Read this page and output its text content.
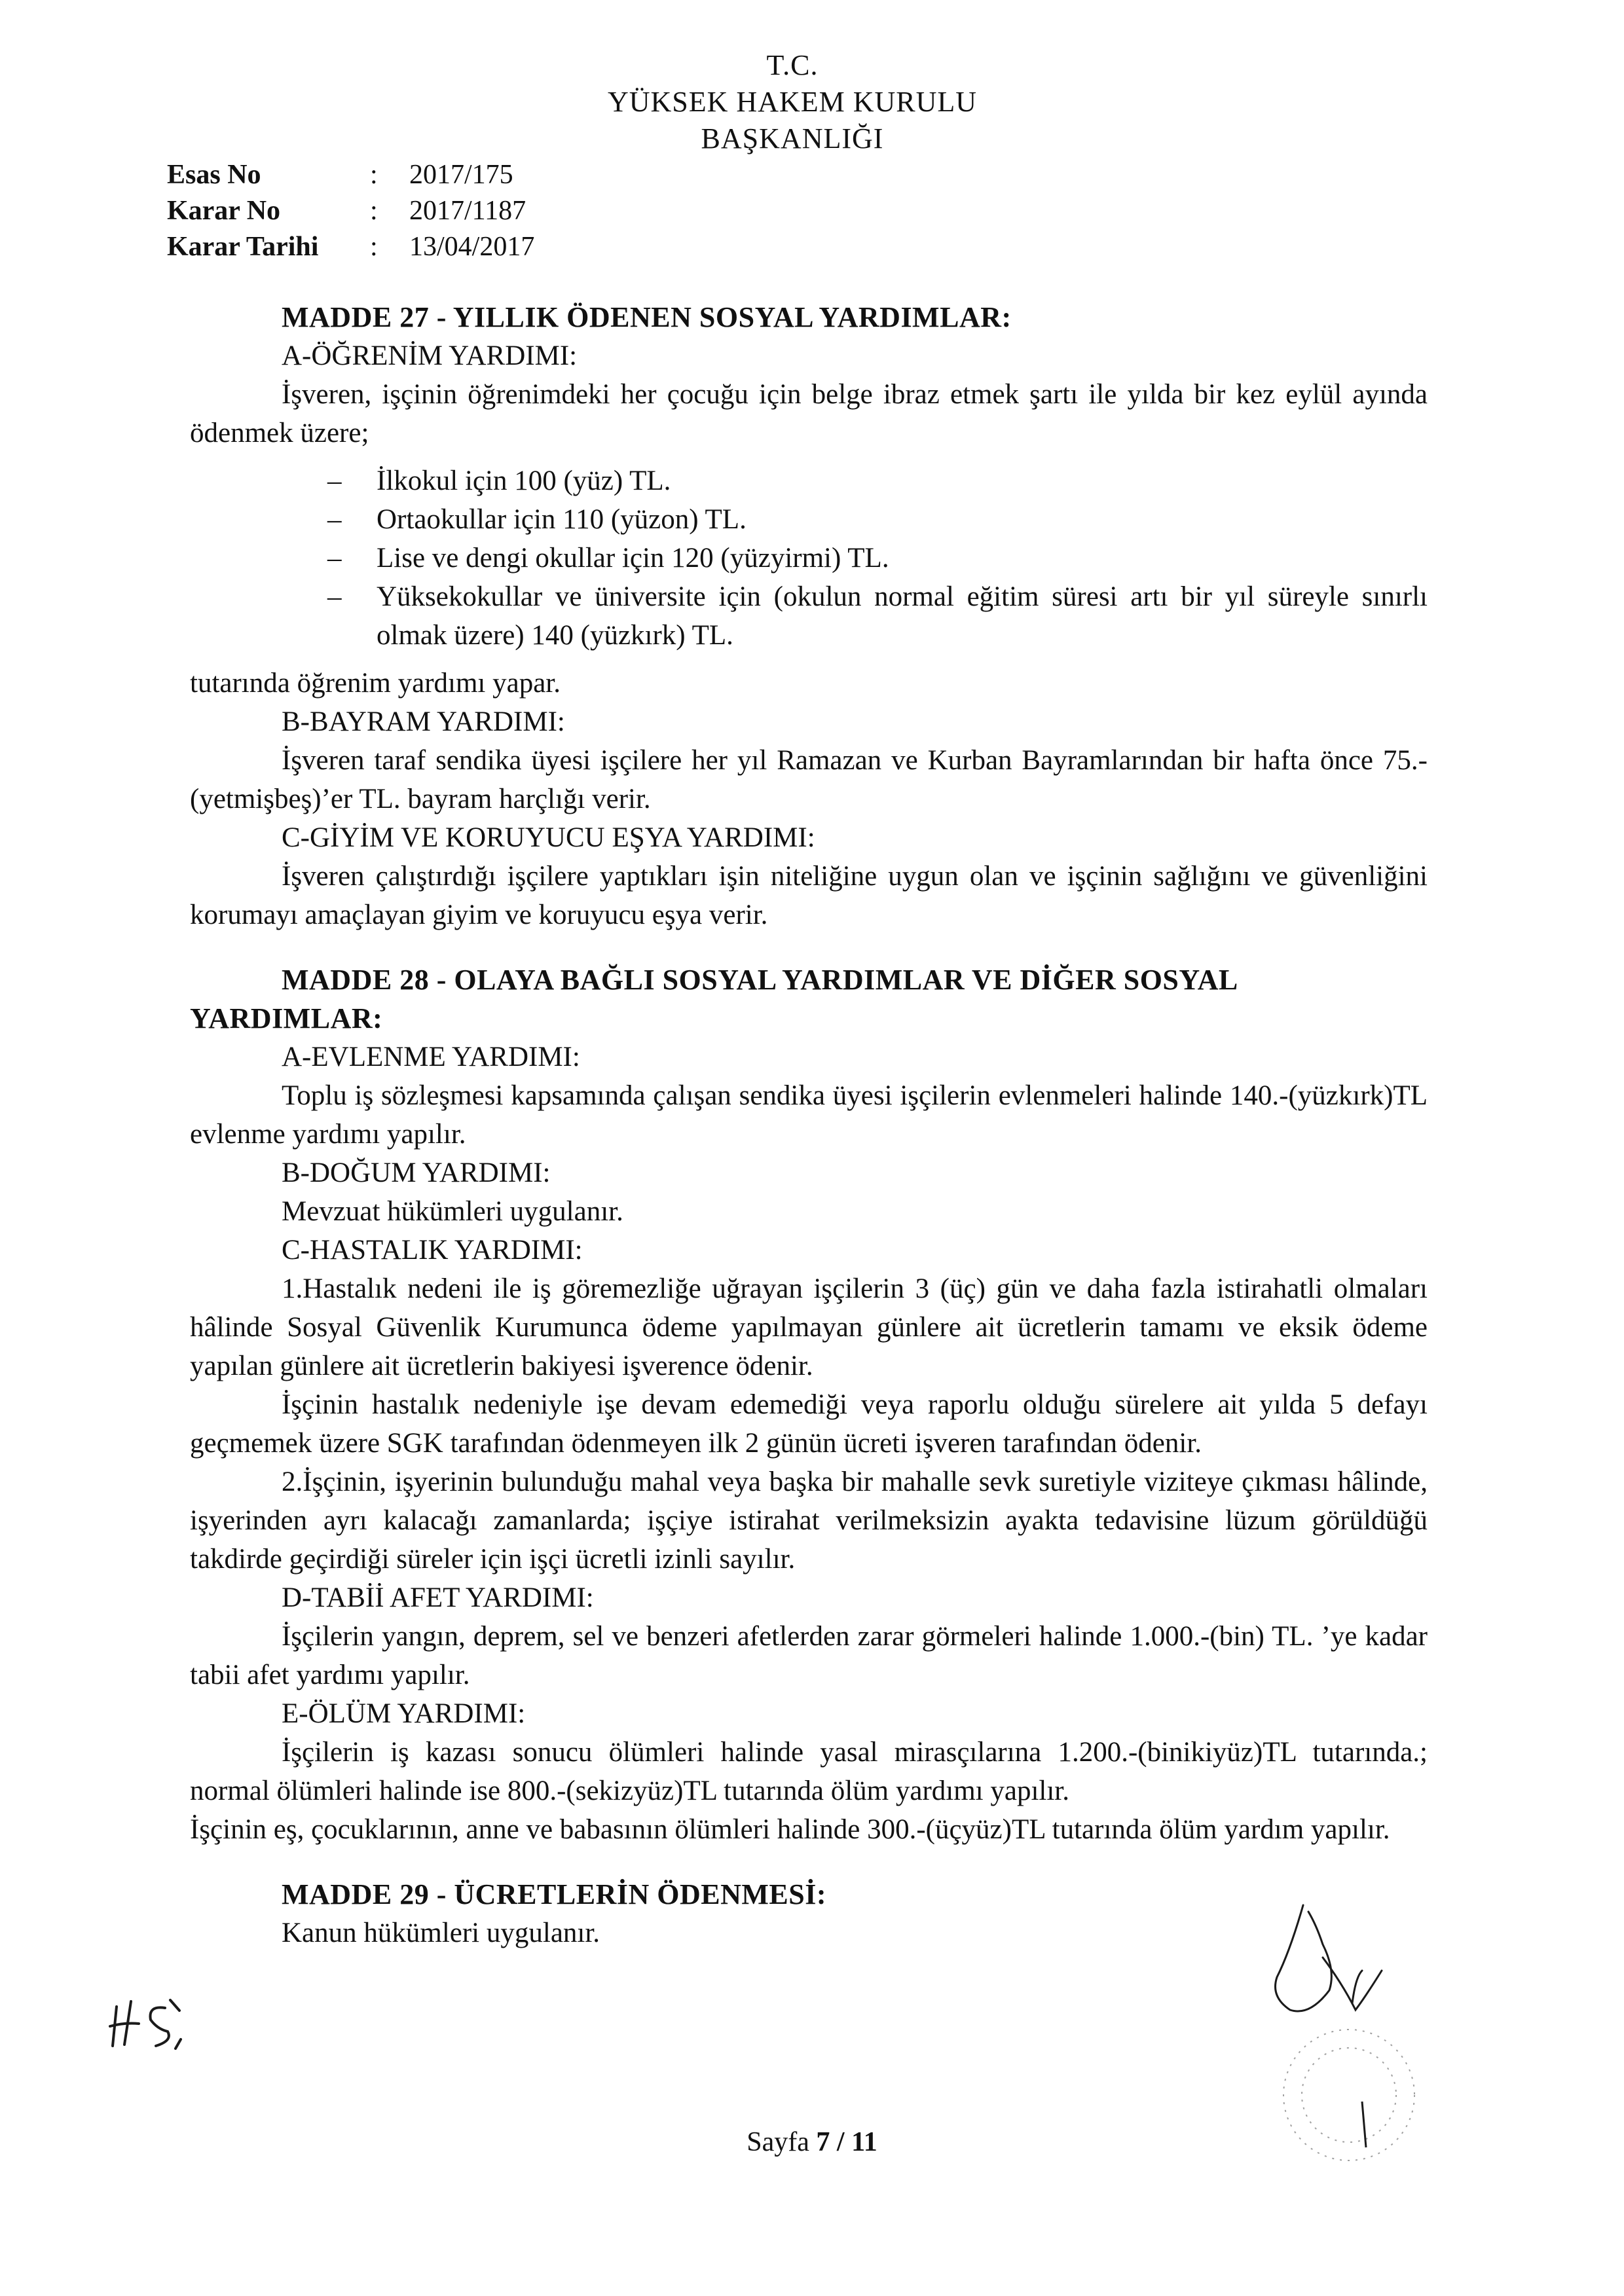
T.C.
YÜKSEK HAKEM KURULU
BAŞKANLIĞI
Esas No	:	2017/175
Karar No	:	2017/1187
Karar Tarihi	:	13/04/2017
MADDE 27 - YILLIK ÖDENEN SOSYAL YARDIMLAR:
A-ÖĞRENİM YARDIMI:
İşveren, işçinin öğrenimdeki her çocuğu için belge ibraz etmek şartı ile yılda bir kez eylül ayında ödenmek üzere;
– İlkokul için 100 (yüz) TL.
– Ortaokullar için 110 (yüzon) TL.
– Lise ve dengi okullar için 120 (yüzyirmi) TL.
– Yüksekokullar ve üniversite için (okulun normal eğitim süresi artı bir yıl süreyle sınırlı olmak üzere) 140 (yüzkırk) TL.
tutarında öğrenim yardımı yapar.
B-BAYRAM YARDIMI:
İşveren taraf sendika üyesi işçilere her yıl Ramazan ve Kurban Bayramlarından bir hafta önce 75.-(yetmişbeş)’er TL. bayram harçlığı verir.
C-GİYİM VE KORUYUCU EŞYA YARDIMI:
İşveren çalıştırdığı işçilere yaptıkları işin niteliğine uygun olan ve işçinin sağlığını ve güvenliğini korumayı amaçlayan giyim ve koruyucu eşya verir.
MADDE 28 - OLAYA BAĞLI SOSYAL YARDIMLAR VE DİĞER SOSYAL YARDIMLAR:
A-EVLENME YARDIMI:
Toplu iş sözleşmesi kapsamında çalışan sendika üyesi işçilerin evlenmeleri halinde 140.-(yüzkırk)TL evlenme yardımı yapılır.
B-DOĞUM YARDIMI:
Mevzuat hükümleri uygulanır.
C-HASTALIK YARDIMI:
1.Hastalık nedeni ile iş göremezliğe uğrayan işçilerin 3 (üç) gün ve daha fazla istirahatli olmaları hâlinde Sosyal Güvenlik Kurumunca ödeme yapılmayan günlere ait ücretlerin tamamı ve eksik ödeme yapılan günlere ait ücretlerin bakiyesi işverence ödenir.
İşçinin hastalık nedeniyle işe devam edemediği veya raporlu olduğu sürelere ait yılda 5 defayı geçmemek üzere SGK tarafından ödenmeyen ilk 2 günün ücreti işveren tarafından ödenir.
2.İşçinin, işyerinin bulunduğu mahal veya başka bir mahalle sevk suretiyle viziteye çıkması hâlinde, işyerinden ayrı kalacağı zamanlarda; işçiye istirahat verilmeksizin ayakta tedavisine lüzum görüldüğü takdirde geçirdiği süreler için işçi ücretli izinli sayılır.
D-TABİİ AFET YARDIMI:
İşçilerin yangın, deprem, sel ve benzeri afetlerden zarar görmeleri halinde 1.000.-(bin) TL. ’ye kadar tabii afet yardımı yapılır.
E-ÖLÜM YARDIMI:
İşçilerin iş kazası sonucu ölümleri halinde yasal mirasçılarına 1.200.-(binikiyüz)TL tutarında.; normal ölümleri halinde ise 800.-(sekizyüz)TL tutarında ölüm yardımı yapılır.
İşçinin eş, çocuklarının, anne ve babasının ölümleri halinde 300.-(üçyüz)TL tutarında ölüm yardım yapılır.
MADDE 29 - ÜCRETLERİN ÖDENMESİ:
Kanun hükümleri uygulanır.
Sayfa 7 / 11
